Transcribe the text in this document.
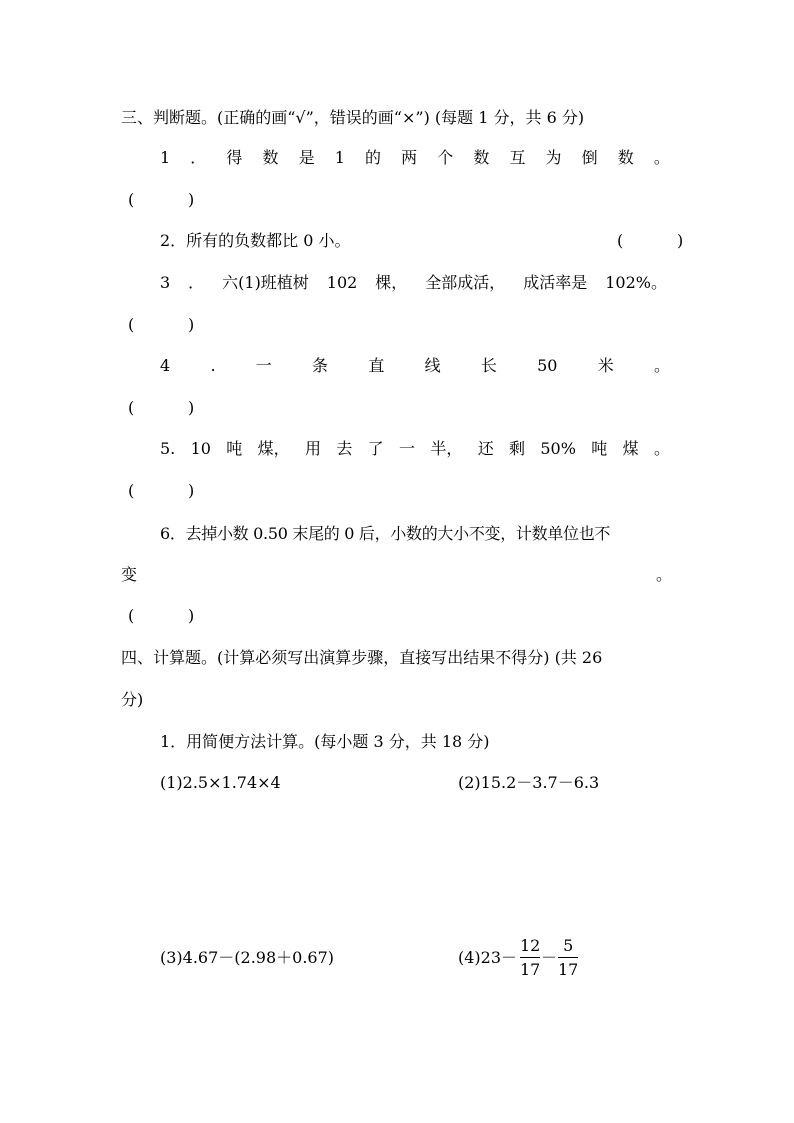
三、判断题。(正确的画“√”，错误的画“×”) (每题 1 分，共 6 分)
1 ． 得 数 是 1 的 两 个 数 互 为 倒 数 。
(	)
2．所有的负数都比 0 小。	(	)
3 ． 六(1)班植树 102 棵， 全部成活， 成活率是 102%。
(	)
4	.	一	条	直	线	长	50	米	。
(	)
5. 10 吨 煤， 用 去 了 一 半， 还 剩 50% 吨 煤 。
(	)
6．去掉小数 0.50 末尾的 0 后，小数的大小不变，计数单位也不
变	。
(	)
四、计算题。(计算必须写出演算步骤，直接写出结果不得分) (共 26
分)
1．用简便方法计算。(每小题 3 分，共 18 分)
(1)2.5×1.74×4	(2)15.2－3.7－6.3
(3)4.67－(2.98＋0.67)	$(4)23- \frac{12}{17} - \frac{5}{17}$
